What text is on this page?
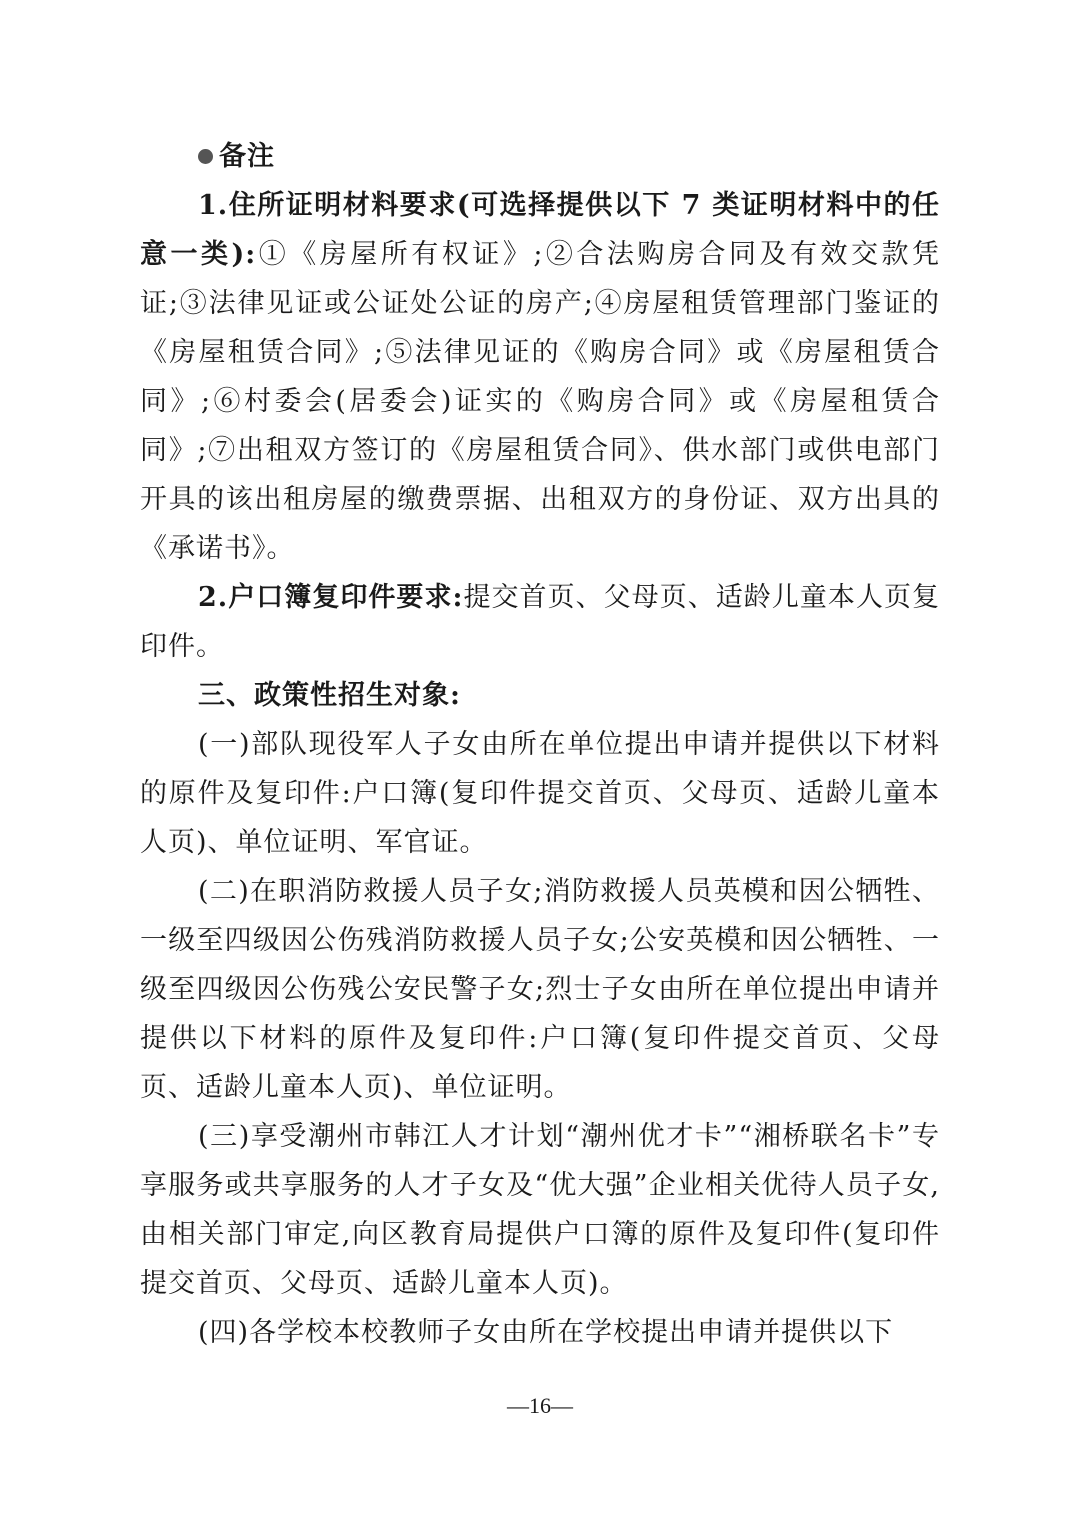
备注

1.住所证明材料要求(可选择提供以下 7 类证明材料中的任意一类):①《房屋所有权证》;②合法购房合同及有效交款凭证;③法律见证或公证处公证的房产;④房屋租赁管理部门鉴证的《房屋租赁合同》;⑤法律见证的《购房合同》或《房屋租赁合同》;⑥村委会(居委会)证实的《购房合同》或《房屋租赁合同》;⑦出租双方签订的《房屋租赁合同》、供水部门或供电部门开具的该出租房屋的缴费票据、出租双方的身份证、双方出具的《承诺书》。

2.户口簿复印件要求:提交首页、父母页、适龄儿童本人页复印件。

三、政策性招生对象:

(一)部队现役军人子女由所在单位提出申请并提供以下材料的原件及复印件:户口簿(复印件提交首页、父母页、适龄儿童本人页)、单位证明、军官证。

(二)在职消防救援人员子女;消防救援人员英模和因公牺牲、一级至四级因公伤残消防救援人员子女;公安英模和因公牺牲、一级至四级因公伤残公安民警子女;烈士子女由所在单位提出申请并提供以下材料的原件及复印件:户口簿(复印件提交首页、父母页、适龄儿童本人页)、单位证明。

(三)享受潮州市韩江人才计划“潮州优才卡”“湘桥联名卡”专享服务或共享服务的人才子女及“优大强”企业相关优待人员子女,由相关部门审定,向区教育局提供户口簿的原件及复印件(复印件提交首页、父母页、适龄儿童本人页)。

(四)各学校本校教师子女由所在学校提出申请并提供以下

—16—
